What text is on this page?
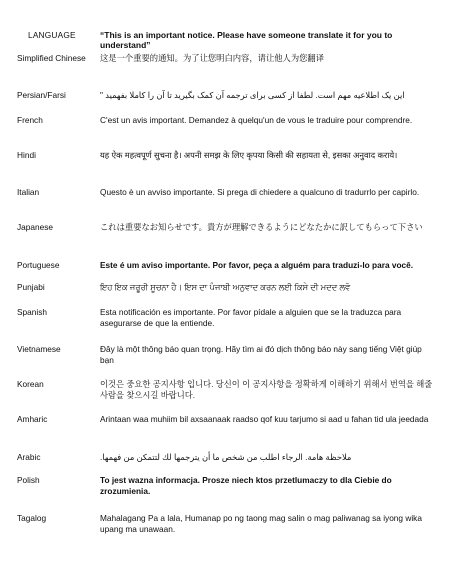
LANGUAGE	“This is an important notice. Please have someone translate it for you to understand”
Simplified Chinese	这是一个重要的通知。为了让您明白内容，请让他人为您翻译
Persian/Farsi	این یک اطلاعیه مهم است. لطفا از کسی برای ترجمه آن کمک بگیرید تا آن را کاملا بفهمید "
French	C'est un avis important. Demandez à quelqu'un de vous le traduire pour comprendre.
Hindi	यह ऐक महत्वपूर्ण सुचना है। अपनी समझ के लिए कृपया किसी की सहायता से, इसका अनुवाद कराये।
Italian	Questo è un avviso importante. Si prega di chiedere a qualcuno di tradurrlo per capirlo.
Japanese	これは重要なお知らせです。貴方が理解できるようにどなたかに訳してもらって下さい
Portuguese	Este é um aviso importante. Por favor, peça a alguém para traduzi-lo para você.
Punjabi	ਇਹ ਇਕ ਜਰੂਰੀ ਸੂਚਨਾ ਹੈ। ਇਸ ਦਾ ਪੰਜਾਬੀ ਅਨੁਵਾਦ ਕਰਨ ਲਈ ਕਿਸੇ ਦੀ ਮਦਦ ਲਵੋ
Spanish	Esta notificación es importante. Por favor pídale a alguien que se la traduzca para asegurarse de que la entiende.
Vietnamese	Đây là một thông báo quan trọng. Hãy tìm ai đó dịch thông báo này sang tiếng Việt giúp bạn
Korean	이것은 중요한 공지사항 입니다. 당신이 이 공지사항을 정확하게 이해하기 위해서 번역을 해줄 사람을 찾으시길 바랍니다.
Amharic	Arintaan waa muhiim bil axsaanaak raadso qof kuu tarjumo si aad u fahan tid ula jeedada
Arabic	ملاحظة هامة. الرجاء اطلب من شخص ما أن يترجمها لك لتتمكن من فهمها.
Polish	To jest wazna informacja. Prosze niech ktos przetlumaczy to dla Ciebie do zrozumienia.
Tagalog	Mahalagang Pa a lala, Humanap po ng taong mag salin o mag paliwanag sa iyong wika upang ma unawaan.
